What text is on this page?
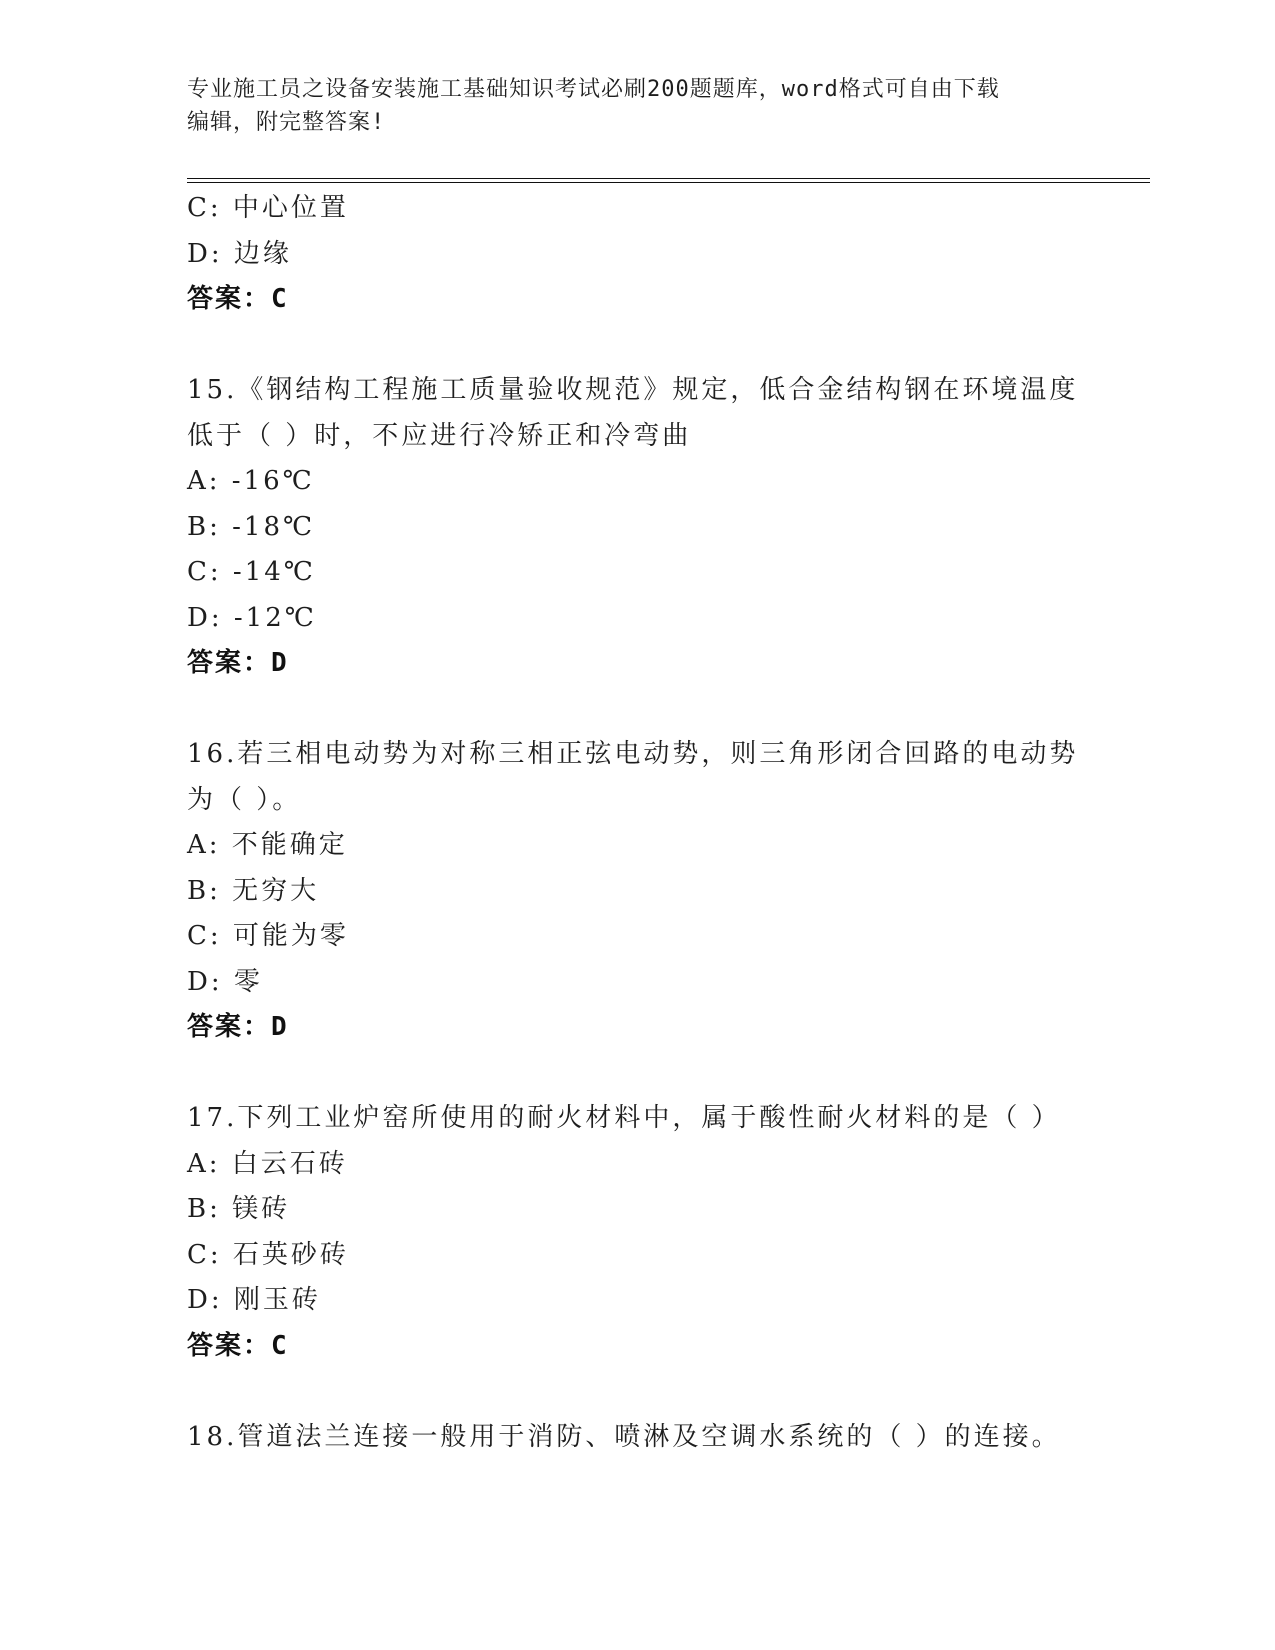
专业施工员之设备安装施工基础知识考试必刷200题题库，word格式可自由下载
编辑，附完整答案!
C: 中心位置
D: 边缘
答案：C
15.《钢结构工程施工质量验收规范》规定，低合金结构钢在环境温度
低于（ ）时，不应进行冷矫正和冷弯曲
A: -16℃
B: -18℃
C: -14℃
D: -12℃
答案：D
16.若三相电动势为对称三相正弦电动势，则三角形闭合回路的电动势
为（ ）。
A: 不能确定
B: 无穷大
C: 可能为零
D: 零
答案：D
17.下列工业炉窑所使用的耐火材料中，属于酸性耐火材料的是（ ）
A: 白云石砖
B: 镁砖
C: 石英砂砖
D: 刚玉砖
答案：C
18.管道法兰连接一般用于消防、喷淋及空调水系统的（ ）的连接。
